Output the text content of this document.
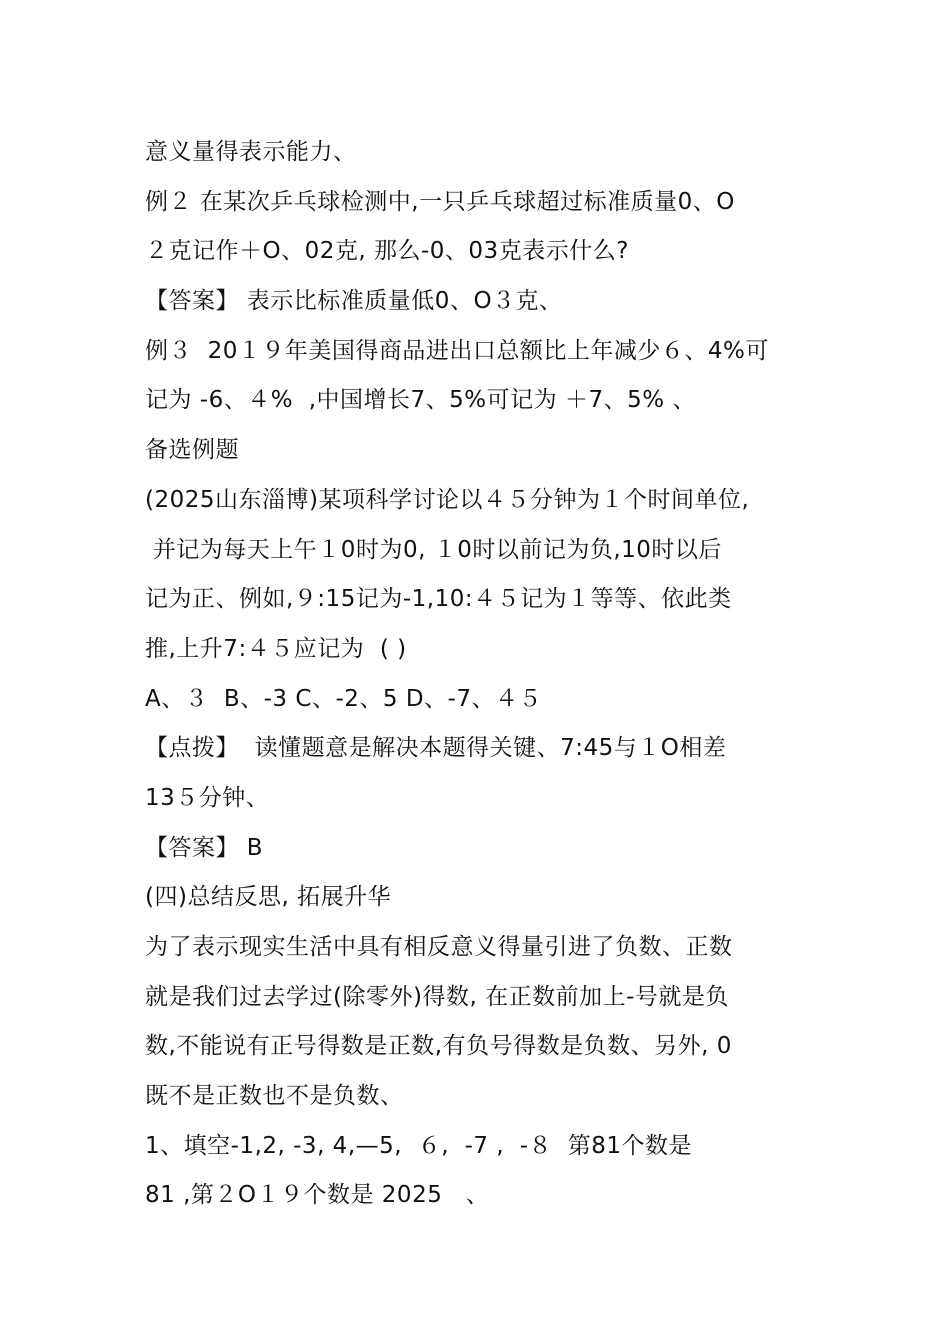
意义量得表示能力、
例２ 在某次乒乓球检测中,一只乒乓球超过标准质量0、O
２克记作＋O、02克, 那么-0、03克表示什么?
【答案】 表示比标准质量低0、O３克、
例３  20１９年美国得商品进出口总额比上年减少６、4%可
记为 -6、４%  ,中国增长7、5%可记为 ＋7、5% 、
备选例题
(2025山东淄博)某项科学讨论以４５分钟为１个时间单位,
并记为每天上午１0时为0, １0时以前记为负,10时以后
记为正、例如,９:15记为-1,10:４５记为１等等、依此类
推,上升7:４５应记为  ( )
A、３  B、-3 C、-2、5 D、-7、４５
【点拨】  读懂题意是解决本题得关键、7:45与１O相差
13５分钟、
【答案】 B
(四)总结反思, 拓展升华
为了表示现实生活中具有相反意义得量引进了负数、正数
就是我们过去学过(除零外)得数, 在正数前加上-号就是负
数,不能说有正号得数是正数,有负号得数是负数、另外, 0
既不是正数也不是负数、
1、填空-1,2, -3, 4,—5,  ６,  -7 ,  -８  第81个数是
81 ,第２O１９个数是 2025   、
